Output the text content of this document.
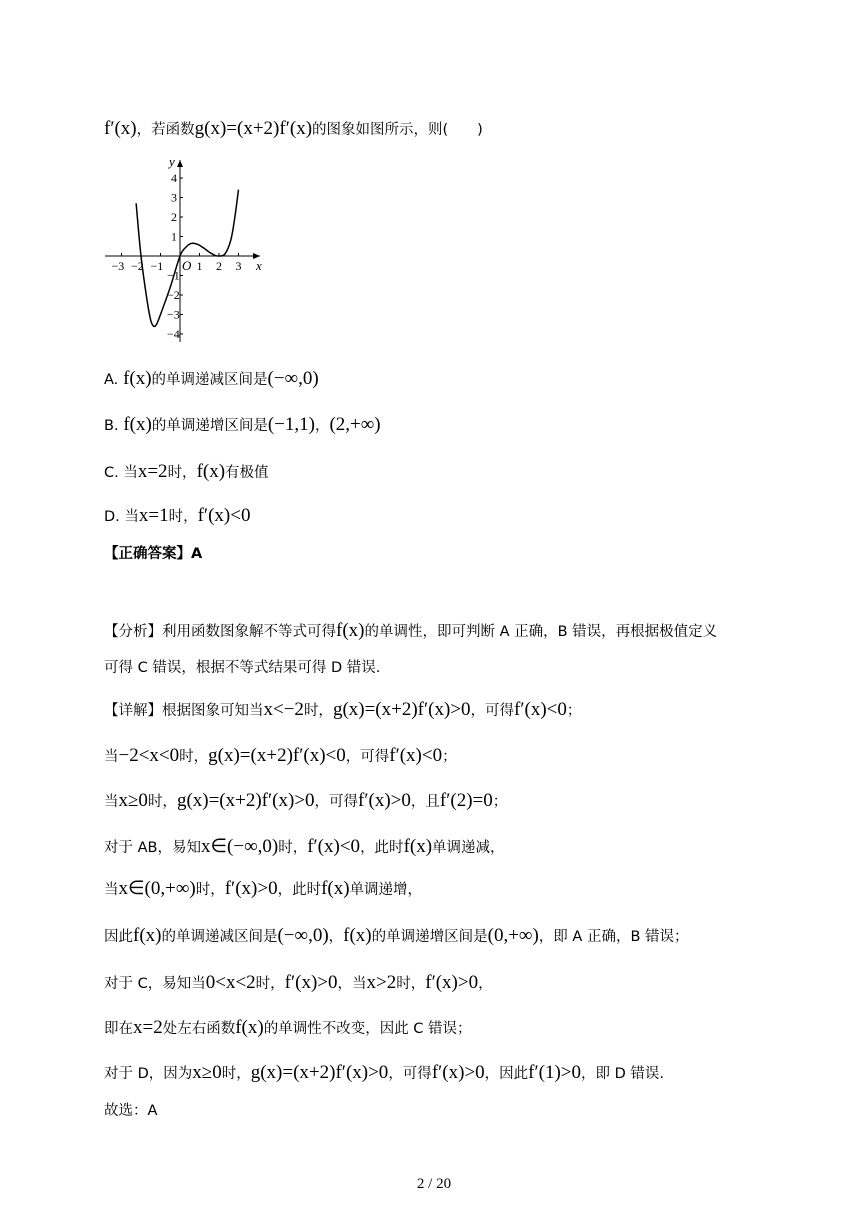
f′(x)，若函数g(x)=(x+2)f′(x)的图象如图所示，则(　　)
x
y
O
−3 −2 −1	1 2 3
4
3
2
1
−1
−2
−3
−4
A. f(x)的单调递减区间是(−∞,0)
B. f(x)的单调递增区间是(−1,1)，(2,+∞)
C. 当x=2时，f(x)有极值
D. 当x=1时，f′(x)<0
【正确答案】A
【分析】利用函数图象解不等式可得f(x)的单调性，即可判断 A 正确，B 错误，再根据极值定义
可得 C 错误，根据不等式结果可得 D 错误.
【详解】根据图象可知当x<−2时，g(x)=(x+2)f′(x)>0，可得f′(x)<0；
当−2<x<0时，g(x)=(x+2)f′(x)<0，可得f′(x)<0；
当x≥0时，g(x)=(x+2)f′(x)>0，可得f′(x)>0，且f′(2)=0；
对于 AB，易知x∈(−∞,0)时，f′(x)<0，此时f(x)单调递减，
当x∈(0,+∞)时，f′(x)>0，此时f(x)单调递增，
因此f(x)的单调递减区间是(−∞,0)，f(x)的单调递增区间是(0,+∞)，即 A 正确，B 错误；
对于 C，易知当0<x<2时，f′(x)>0，当x>2时，f′(x)>0，
即在x=2处左右函数f(x)的单调性不改变，因此 C 错误；
对于 D，因为x≥0时，g(x)=(x+2)f′(x)>0，可得f′(x)>0，因此f′(1)>0，即 D 错误.
故选：A
2 / 20
